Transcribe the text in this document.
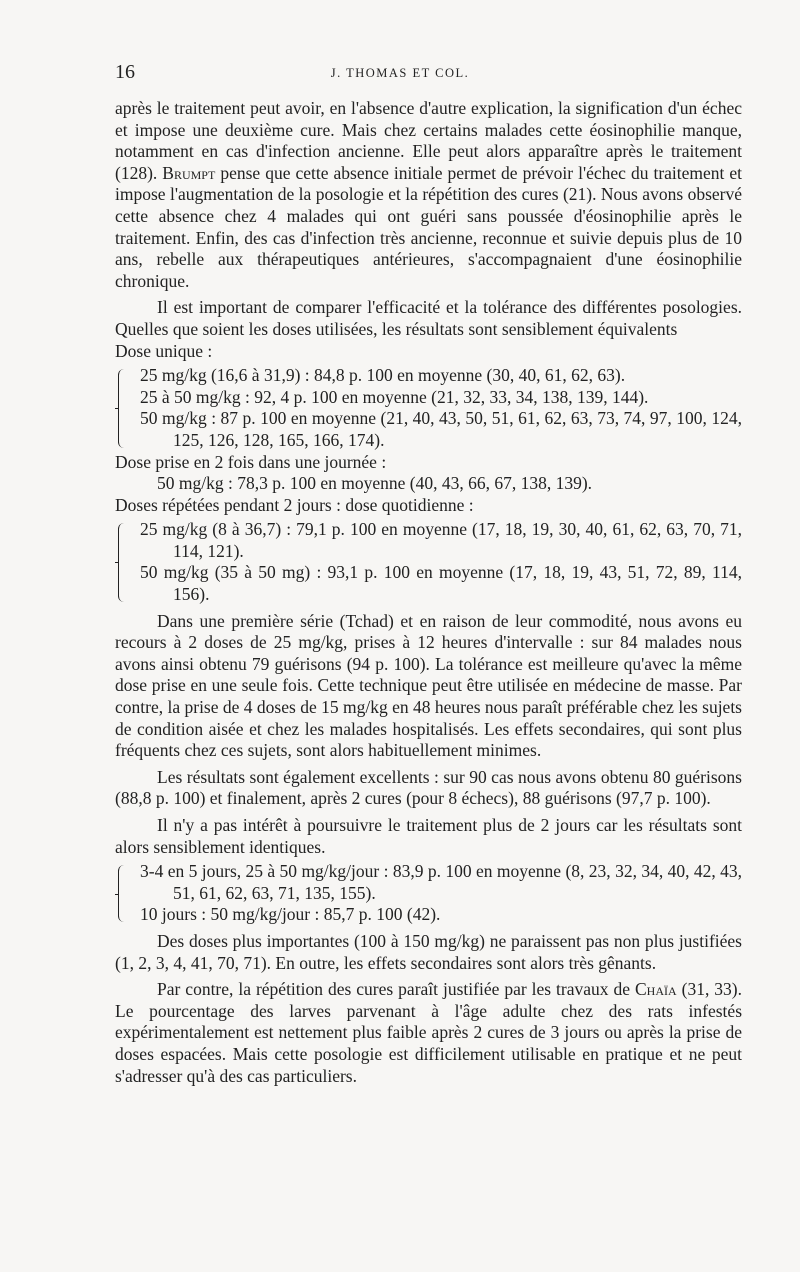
16	J. THOMAS ET COL.

après le traitement peut avoir, en l'absence d'autre explication, la signification d'un échec et impose une deuxième cure. Mais chez certains malades cette éosinophilie manque, notamment en cas d'infection ancienne. Elle peut alors apparaître après le traitement (128). Brumpt pense que cette absence initiale permet de prévoir l'échec du traitement et impose l'augmentation de la posologie et la répétition des cures (21). Nous avons observé cette absence chez 4 malades qui ont guéri sans poussée d'éosinophilie après le traitement. Enfin, des cas d'infection très ancienne, reconnue et suivie depuis plus de 10 ans, rebelle aux thérapeutiques antérieures, s'accompagnaient d'une éosinophilie chronique.

Il est important de comparer l'efficacité et la tolérance des différentes posologies. Quelles que soient les doses utilisées, les résultats sont sensiblement équivalents

Dose unique :

25 mg/kg (16,6 à 31,9) : 84,8 p. 100 en moyenne (30, 40, 61, 62, 63).

25 à 50 mg/kg : 92, 4 p. 100 en moyenne (21, 32, 33, 34, 138, 139, 144).

50 mg/kg : 87 p. 100 en moyenne (21, 40, 43, 50, 51, 61, 62, 63, 73, 74, 97, 100, 124, 125, 126, 128, 165, 166, 174).

Dose prise en 2 fois dans une journée :

50 mg/kg : 78,3 p. 100 en moyenne (40, 43, 66, 67, 138, 139).

Doses répétées pendant 2 jours : dose quotidienne :

25 mg/kg (8 à 36,7) : 79,1 p. 100 en moyenne (17, 18, 19, 30, 40, 61, 62, 63, 70, 71, 114, 121).

50 mg/kg (35 à 50 mg) : 93,1 p. 100 en moyenne (17, 18, 19, 43, 51, 72, 89, 114, 156).

Dans une première série (Tchad) et en raison de leur commodité, nous avons eu recours à 2 doses de 25 mg/kg, prises à 12 heures d'intervalle : sur 84 malades nous avons ainsi obtenu 79 guérisons (94 p. 100). La tolérance est meilleure qu'avec la même dose prise en une seule fois. Cette technique peut être utilisée en médecine de masse. Par contre, la prise de 4 doses de 15 mg/kg en 48 heures nous paraît préférable chez les sujets de condition aisée et chez les malades hospitalisés. Les effets secondaires, qui sont plus fréquents chez ces sujets, sont alors habituellement minimes.

Les résultats sont également excellents : sur 90 cas nous avons obtenu 80 guérisons (88,8 p. 100) et finalement, après 2 cures (pour 8 échecs), 88 guérisons (97,7 p. 100).

Il n'y a pas intérêt à poursuivre le traitement plus de 2 jours car les résultats sont alors sensiblement identiques.

3-4 en 5 jours, 25 à 50 mg/kg/jour : 83,9 p. 100 en moyenne (8, 23, 32, 34, 40, 42, 43, 51, 61, 62, 63, 71, 135, 155).

10 jours : 50 mg/kg/jour : 85,7 p. 100 (42).

Des doses plus importantes (100 à 150 mg/kg) ne paraissent pas non plus justifiées (1, 2, 3, 4, 41, 70, 71). En outre, les effets secondaires sont alors très gênants.

Par contre, la répétition des cures paraît justifiée par les travaux de Chaïa (31, 33). Le pourcentage des larves parvenant à l'âge adulte chez des rats infestés expérimentalement est nettement plus faible après 2 cures de 3 jours ou après la prise de doses espacées. Mais cette posologie est difficilement utilisable en pratique et ne peut s'adresser qu'à des cas particuliers.
